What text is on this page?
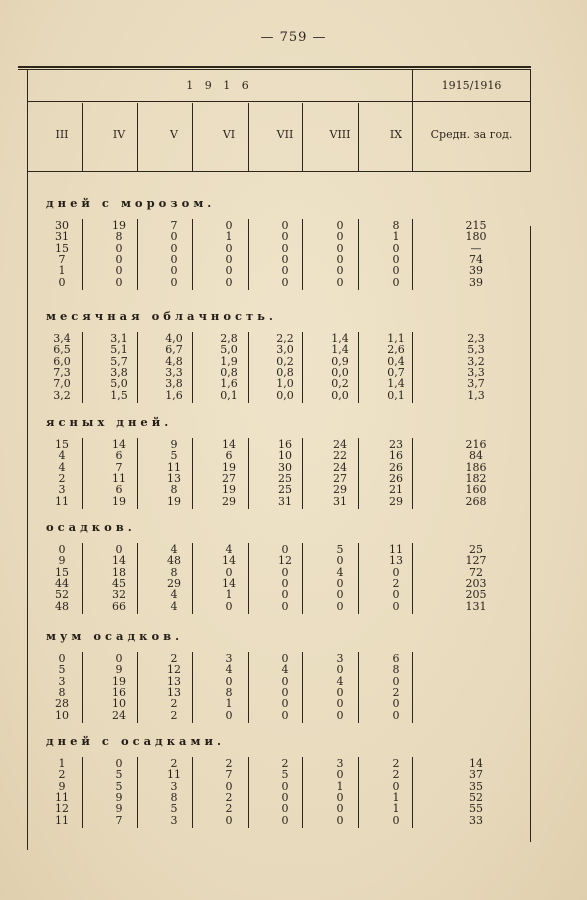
— 759 —
1 9 1 6	1915/1916
III	IV	V	VI	VII	VIII	IX	Средн. за год.
дней с морозом.
30	19	7	0	0	0	8	215
31	8	0	1	0	0	1	180
15	0	0	0	0	0	0	—
7	0	0	0	0	0	0	74
1	0	0	0	0	0	0	39
0	0	0	0	0	0	0	39
месячная облачность.
3,4	3,1	4,0	2,8	2,2	1,4	1,1	2,3
6,5	5,1	6,7	5,0	3,0	1,4	2,6	5,3
6,0	5,7	4,8	1,9	0,2	0,9	0,4	3,2
7,3	3,8	3,3	0,8	0,8	0,0	0,7	3,3
7,0	5,0	3,8	1,6	1,0	0,2	1,4	3,7
3,2	1,5	1,6	0,1	0,0	0,0	0,1	1,3
ясных дней.
15	14	9	14	16	24	23	216
4	6	5	6	10	22	16	84
4	7	11	19	30	24	26	186
2	11	13	27	25	27	26	182
3	6	8	19	25	29	21	160
11	19	19	29	31	31	29	268
осадков.
0	0	4	4	0	5	11	25
9	14	48	14	12	0	13	127
15	18	8	0	0	4	0	72
44	45	29	14	0	0	2	203
52	32	4	1	0	0	0	205
48	66	4	0	0	0	0	131
мум осадков.
0	0	2	3	0	3	6
5	9	12	4	4	0	8
3	19	13	0	0	4	0
8	16	13	8	0	0	2
28	10	2	1	0	0	0
10	24	2	0	0	0	0
дней с осадками.
1	0	2	2	2	3	2	14
2	5	11	7	5	0	2	37
9	5	3	0	0	1	0	35
11	9	8	2	0	0	1	52
12	9	5	2	0	0	1	55
11	7	3	0	0	0	0	33
